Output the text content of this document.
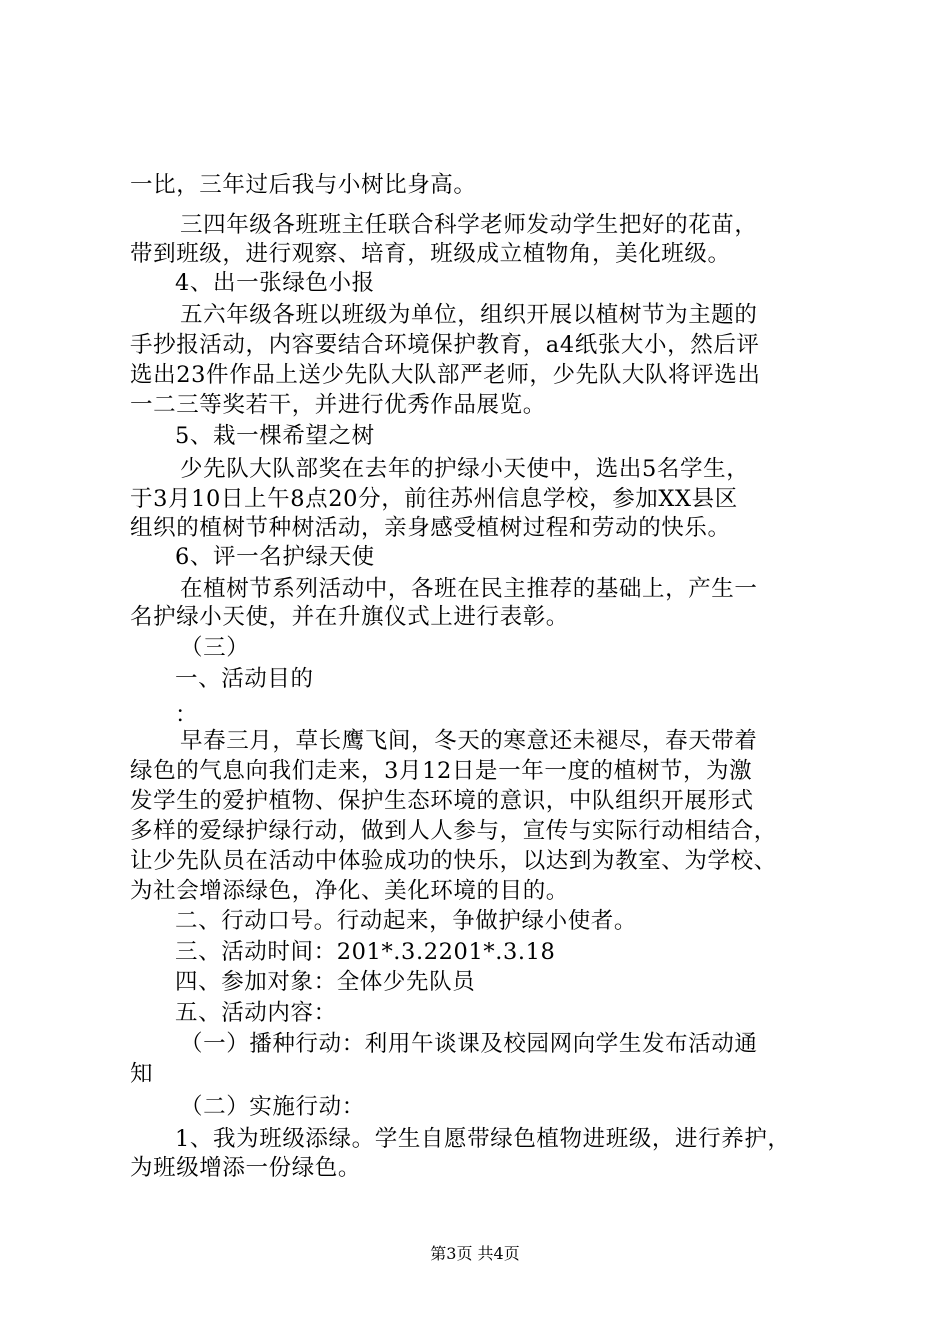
一比，三年过后我与小树比身高。
三四年级各班班主任联合科学老师发动学生把好的花苗，
带到班级，进行观察、培育，班级成立植物角，美化班级。
4、出一张绿色小报
五六年级各班以班级为单位，组织开展以植树节为主题的
手抄报活动，内容要结合环境保护教育，a4纸张大小，然后评
选出23件作品上送少先队大队部严老师，少先队大队将评选出
一二三等奖若干，并进行优秀作品展览。
5、栽一棵希望之树
少先队大队部奖在去年的护绿小天使中，选出5名学生，
于3月10日上午8点20分，前往苏州信息学校，参加XX县区
组织的植树节种树活动，亲身感受植树过程和劳动的快乐。
6、评一名护绿天使
在植树节系列活动中，各班在民主推荐的基础上，产生一
名护绿小天使，并在升旗仪式上进行表彰。
（三）
一、活动目的
：
早春三月，草长鹰飞间，冬天的寒意还未褪尽，春天带着
绿色的气息向我们走来，3月12日是一年一度的植树节，为激
发学生的爱护植物、保护生态环境的意识，中队组织开展形式
多样的爱绿护绿行动，做到人人参与，宣传与实际行动相结合，
让少先队员在活动中体验成功的快乐，以达到为教室、为学校、
为社会增添绿色，净化、美化环境的目的。
二、行动口号。行动起来，争做护绿小使者。
三、活动时间：201*.3.2201*.3.18
四、参加对象：全体少先队员
五、活动内容：
（一）播种行动：利用午谈课及校园网向学生发布活动通
知
（二）实施行动：
1、我为班级添绿。学生自愿带绿色植物进班级，进行养护，
为班级增添一份绿色。
第3页 共4页
